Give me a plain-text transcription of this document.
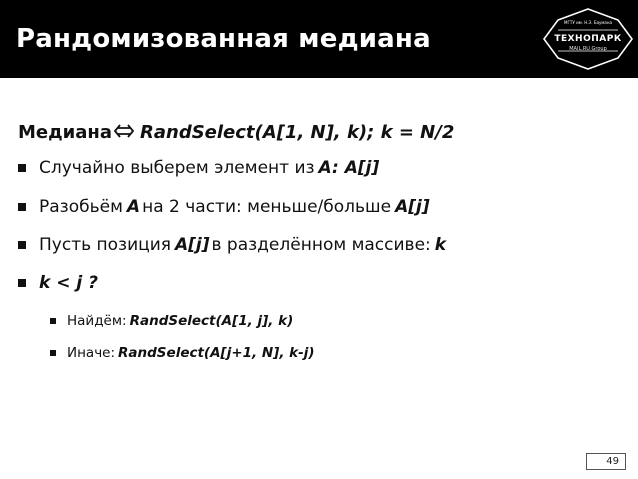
Рандомизованная медиана
МГТУ им. Н.Э. Баумана
ТЕХНОПАРК
MAIL.RU Group
Медиана RandSelect(A[1, N], k); k = N/2
Случайно выберем элемент из A: A[j]
Разобьём A на 2 части: меньше/больше A[j]
Пусть позиция A[j] в разделённом массиве: k
k < j ?
Найдём: RandSelect(A[1, j], k)
Иначе: RandSelect(A[j+1, N], k-j)
49
